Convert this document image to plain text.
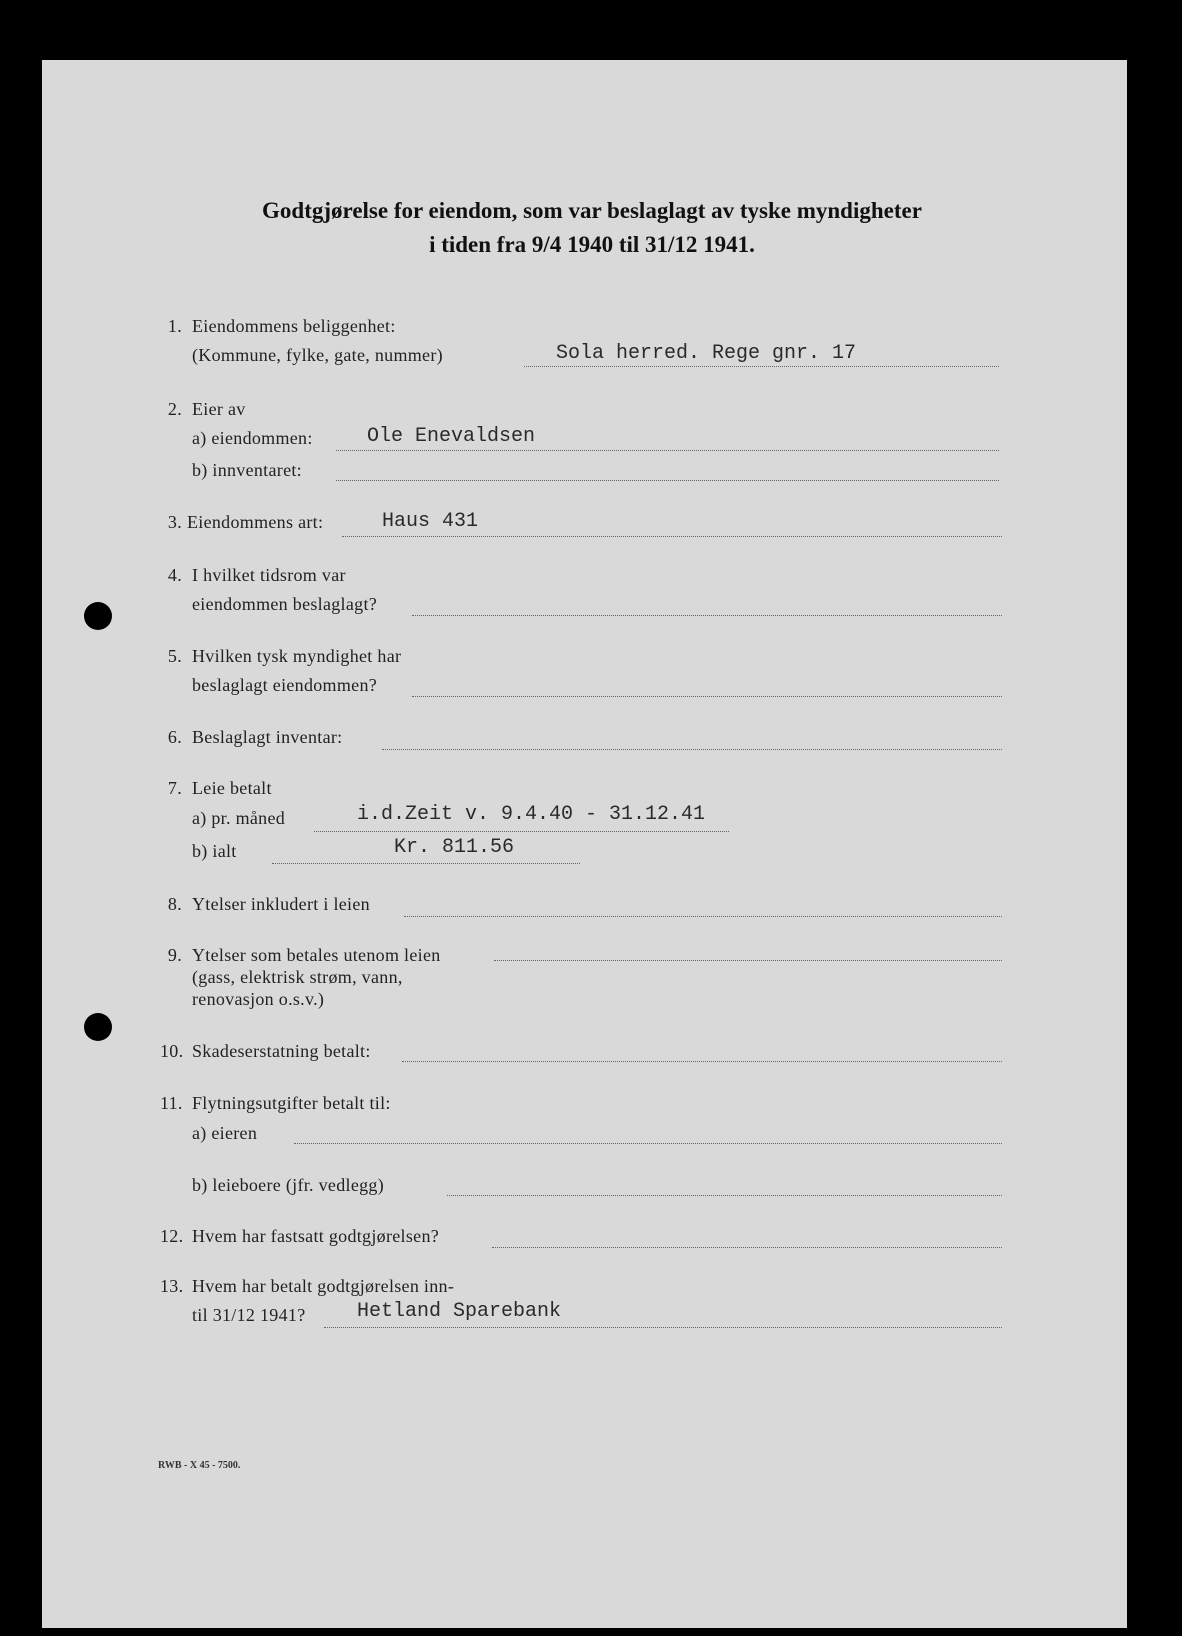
Godtgjørelse for eiendom, som var beslaglagt av tyske myndigheter
i tiden fra 9/4 1940 til 31/12 1941.
1. Eiendommens beliggenhet:
(Kommune, fylke, gate, nummer)	Sola herred. Rege gnr. 17
2. Eier av
a) eiendommen:	Ole Enevaldsen
b) innventaret:
3. Eiendommens art:	Haus 431
4. I hvilket tidsrom var
eiendommen beslaglagt?
5. Hvilken tysk myndighet har
beslaglagt eiendommen?
6. Beslaglagt inventar:
7. Leie betalt
a) pr. måned	i.d.Zeit v. 9.4.40 - 31.12.41
b) ialt	Kr. 811.56
8. Ytelser inkludert i leien
9. Ytelser som betales utenom leien
(gass, elektrisk strøm, vann,
renovasjon o.s.v.)
10. Skadeserstatning betalt:
11. Flytningsutgifter betalt til:
a) eieren
b) leieboere (jfr. vedlegg)
12. Hvem har fastsatt godtgjørelsen?
13. Hvem har betalt godtgjørelsen inn-
til 31/12 1941?	Hetland Sparebank
RWB - X 45 - 7500.
